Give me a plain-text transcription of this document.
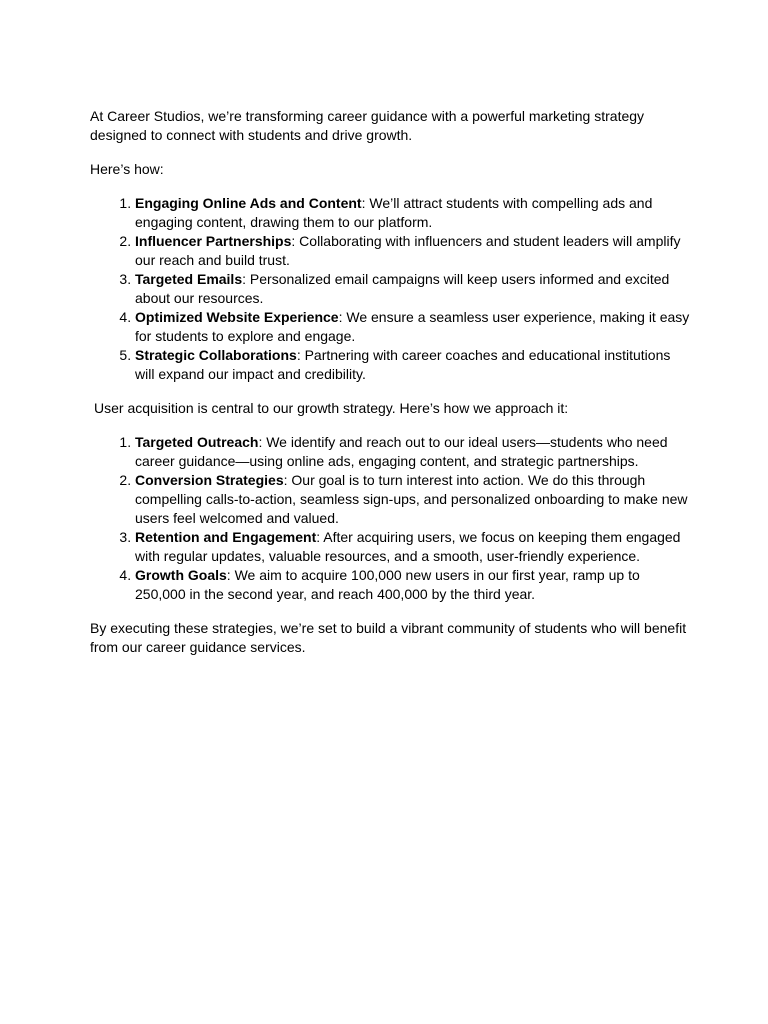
At Career Studios, we’re transforming career guidance with a powerful marketing strategy designed to connect with students and drive growth.

Here’s how:

1. Engaging Online Ads and Content: We’ll attract students with compelling ads and engaging content, drawing them to our platform.
2. Influencer Partnerships: Collaborating with influencers and student leaders will amplify our reach and build trust.
3. Targeted Emails: Personalized email campaigns will keep users informed and excited about our resources.
4. Optimized Website Experience: We ensure a seamless user experience, making it easy for students to explore and engage.
5. Strategic Collaborations: Partnering with career coaches and educational institutions will expand our impact and credibility.

User acquisition is central to our growth strategy. Here’s how we approach it:

1. Targeted Outreach: We identify and reach out to our ideal users—students who need career guidance—using online ads, engaging content, and strategic partnerships.
2. Conversion Strategies: Our goal is to turn interest into action. We do this through compelling calls-to-action, seamless sign-ups, and personalized onboarding to make new users feel welcomed and valued.
3. Retention and Engagement: After acquiring users, we focus on keeping them engaged with regular updates, valuable resources, and a smooth, user-friendly experience.
4. Growth Goals: We aim to acquire 100,000 new users in our first year, ramp up to 250,000 in the second year, and reach 400,000 by the third year.

By executing these strategies, we’re set to build a vibrant community of students who will benefit from our career guidance services.
